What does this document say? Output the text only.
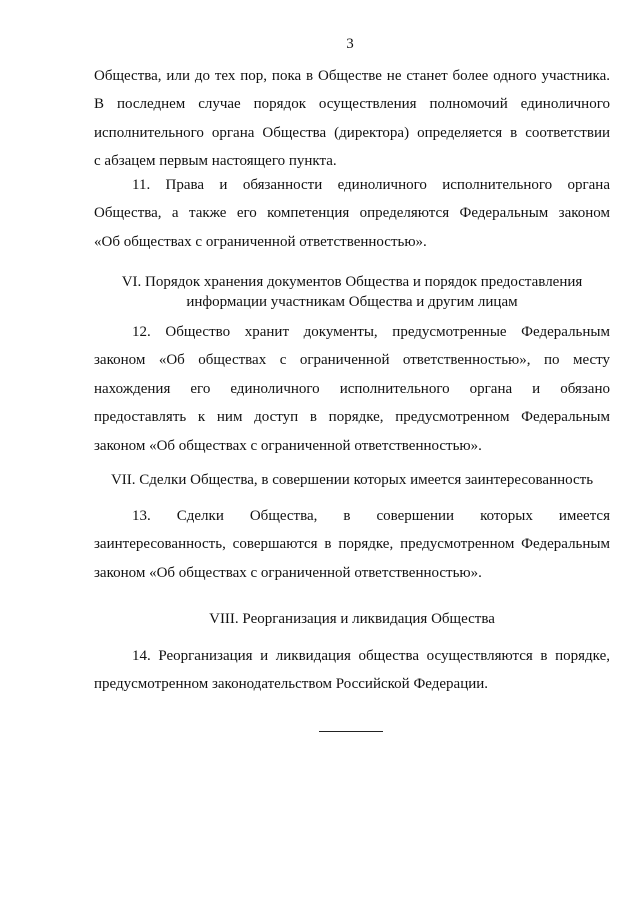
3
Общества, или до тех пор, пока в Обществе не станет более одного участника.
В последнем случае порядок осуществления полномочий единоличного
исполнительного органа Общества (директора) определяется в соответствии
с абзацем первым настоящего пункта.
11. Права и обязанности единоличного исполнительного органа
Общества, а также его компетенция определяются Федеральным законом
«Об обществах с ограниченной ответственностью».
VI. Порядок хранения документов Общества и порядок предоставления
информации участникам Общества и другим лицам
12. Общество хранит документы, предусмотренные Федеральным
законом «Об обществах с ограниченной ответственностью», по месту
нахождения его единоличного исполнительного органа и обязано
предоставлять к ним доступ в порядке, предусмотренном Федеральным
законом «Об обществах с ограниченной ответственностью».
VII. Сделки Общества, в совершении которых имеется заинтересованность
13. Сделки Общества, в совершении которых имеется
заинтересованность, совершаются в порядке, предусмотренном Федеральным
законом «Об обществах с ограниченной ответственностью».
VIII. Реорганизация и ликвидация Общества
14. Реорганизация и ликвидация общества осуществляются в порядке,
предусмотренном законодательством Российской Федерации.
